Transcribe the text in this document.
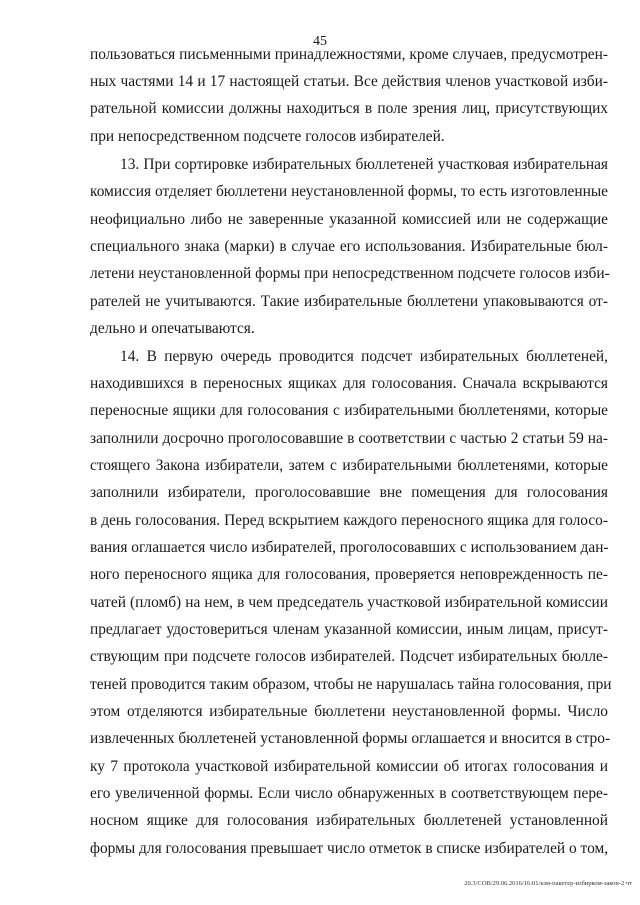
45
пользоваться письменными принадлежностями, кроме случаев, предусмотрен-
ных частями 14 и 17 настоящей статьи. Все действия членов участковой изби-
рательной комиссии должны находиться в поле зрения лиц, присутствующих
при непосредственном подсчете голосов избирателей.
13. При сортировке избирательных бюллетеней участковая избирательная
комиссия отделяет бюллетени неустановленной формы, то есть изготовленные
неофициально либо не заверенные указанной комиссией или не содержащие
специального знака (марки) в случае его использования. Избирательные бюл-
летени неустановленной формы при непосредственном подсчете голосов изби-
рателей не учитываются. Такие избирательные бюллетени упаковываются от-
дельно и опечатываются.
14. В первую очередь проводится подсчет избирательных бюллетеней,
находившихся в переносных ящиках для голосования. Сначала вскрываются
переносные ящики для голосования с избирательными бюллетенями, которые
заполнили досрочно проголосовавшие в соответствии с частью 2 статьи 59 на-
стоящего Закона избиратели, затем с избирательными бюллетенями, которые
заполнили избиратели, проголосовавшие вне помещения для голосования
в день голосования. Перед вскрытием каждого переносного ящика для голосо-
вания оглашается число избирателей, проголосовавших с использованием дан-
ного переносного ящика для голосования, проверяется неповрежденность пе-
чатей (пломб) на нем, в чем председатель участковой избирательной комиссии
предлагает удостовериться членам указанной комиссии, иным лицам, присут-
ствующим при подсчете голосов избирателей. Подсчет избирательных бюлле-
теней проводится таким образом, чтобы не нарушалась тайна голосования, при
этом отделяются избирательные бюллетени неустановленной формы. Число
извлеченных бюллетеней установленной формы оглашается и вносится в стро-
ку 7 протокола участковой избирательной комиссии об итогах голосования и
его увеличенной формы. Если число обнаруженных в соответствующем пере-
носном ящике для голосования избирательных бюллетеней установленной
формы для голосования превышает число отметок в списке избирателей о том,
20.3/СОВ/29.06.2016/16:01/кзм-пакетер-избирком-закон-2 чт
